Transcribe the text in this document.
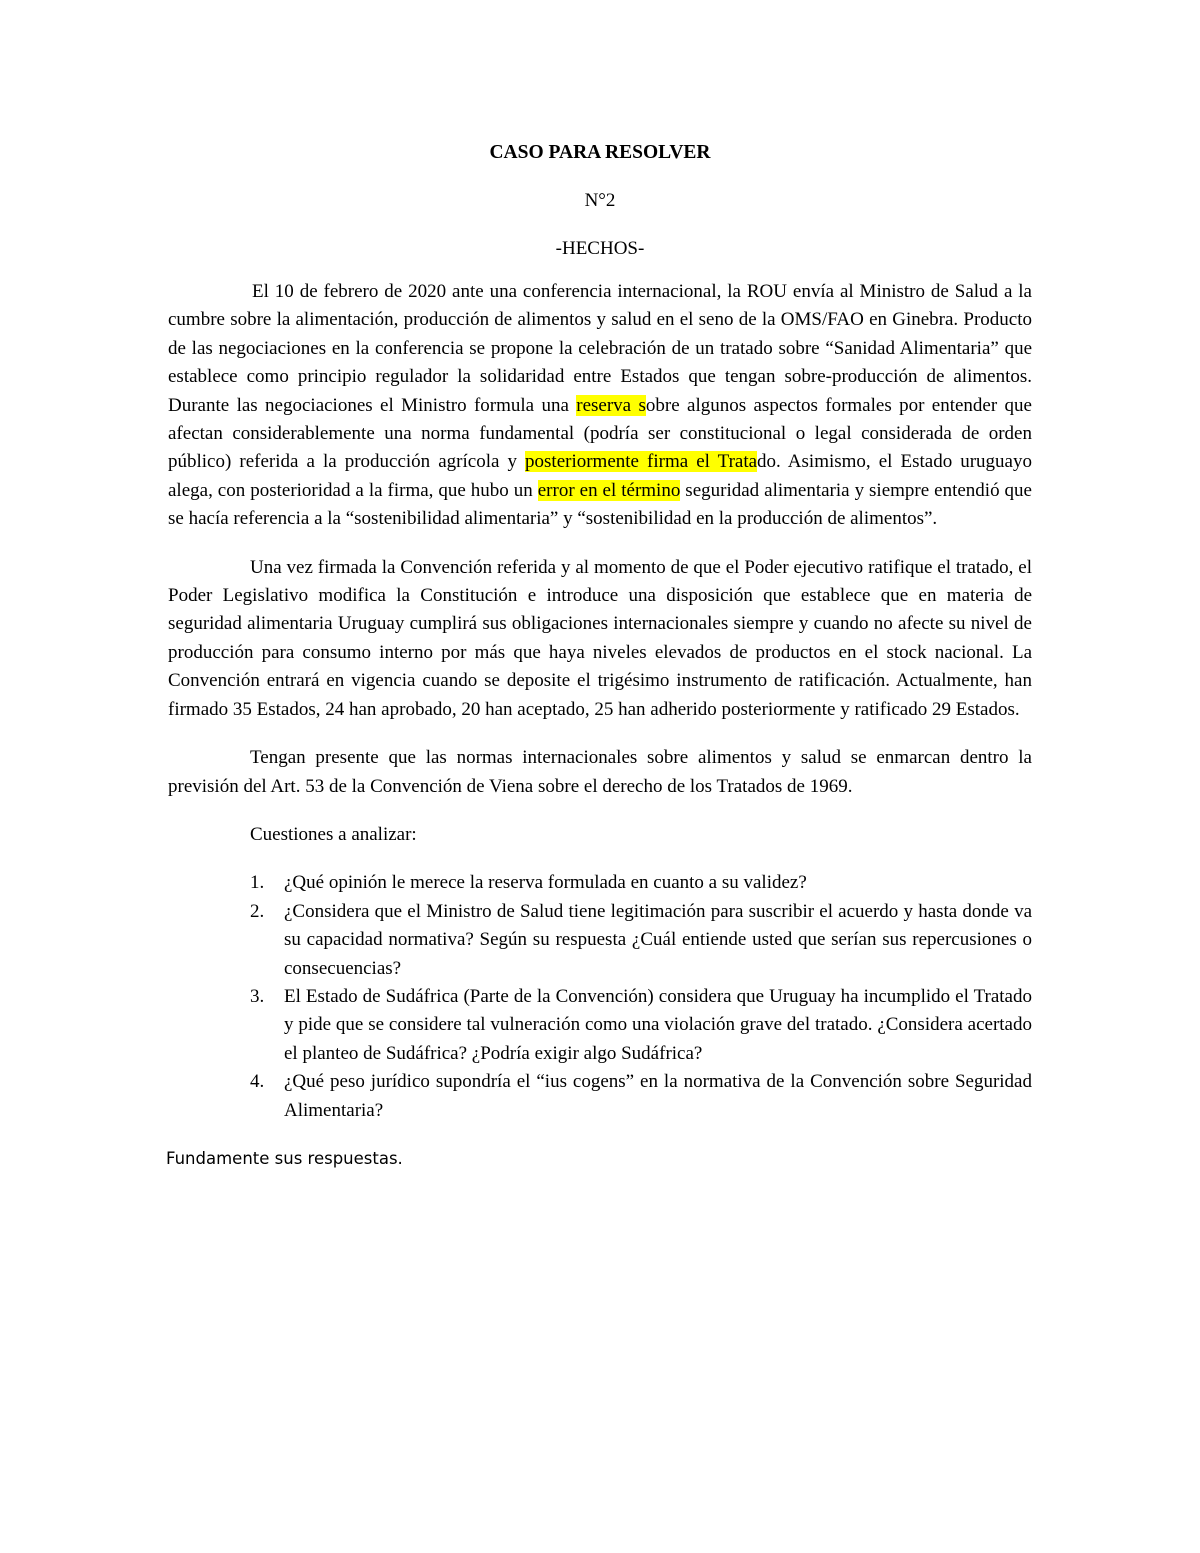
CASO PARA RESOLVER
N°2
-HECHOS-

El 10 de febrero de 2020 ante una conferencia internacional, la ROU envía al Ministro de Salud a la cumbre sobre la alimentación, producción de alimentos y salud en el seno de la OMS/FAO en Ginebra. Producto de las negociaciones en la conferencia se propone la celebración de un tratado sobre “Sanidad Alimentaria” que establece como principio regulador la solidaridad entre Estados que tengan sobre-producción de alimentos. Durante las negociaciones el Ministro formula una reserva sobre algunos aspectos formales por entender que afectan considerablemente una norma fundamental (podría ser constitucional o legal considerada de orden público) referida a la producción agrícola y posteriormente firma el Tratado. Asimismo, el Estado uruguayo alega, con posterioridad a la firma, que hubo un error en el término seguridad alimentaria y siempre entendió que se hacía referencia a la “sostenibilidad alimentaria” y “sostenibilidad en la producción de alimentos”.

Una vez firmada la Convención referida y al momento de que el Poder ejecutivo ratifique el tratado, el Poder Legislativo modifica la Constitución e introduce una disposición que establece que en materia de seguridad alimentaria Uruguay cumplirá sus obligaciones internacionales siempre y cuando no afecte su nivel de producción para consumo interno por más que haya niveles elevados de productos en el stock nacional. La Convención entrará en vigencia cuando se deposite el trigésimo instrumento de ratificación. Actualmente, han firmado 35 Estados, 24 han aprobado, 20 han aceptado, 25 han adherido posteriormente y ratificado 29 Estados.

Tengan presente que las normas internacionales sobre alimentos y salud se enmarcan dentro la previsión del Art. 53 de la Convención de Viena sobre el derecho de los Tratados de 1969.

Cuestiones a analizar:
1. ¿Qué opinión le merece la reserva formulada en cuanto a su validez?
2. ¿Considera que el Ministro de Salud tiene legitimación para suscribir el acuerdo y hasta donde va su capacidad normativa? Según su respuesta ¿Cuál entiende usted que serían sus repercusiones o consecuencias?
3. El Estado de Sudáfrica (Parte de la Convención) considera que Uruguay ha incumplido el Tratado y pide que se considere tal vulneración como una violación grave del tratado. ¿Considera acertado el planteo de Sudáfrica? ¿Podría exigir algo Sudáfrica?
4. ¿Qué peso jurídico supondría el “ius cogens” en la normativa de la Convención sobre Seguridad Alimentaria?
Fundamente sus respuestas.
